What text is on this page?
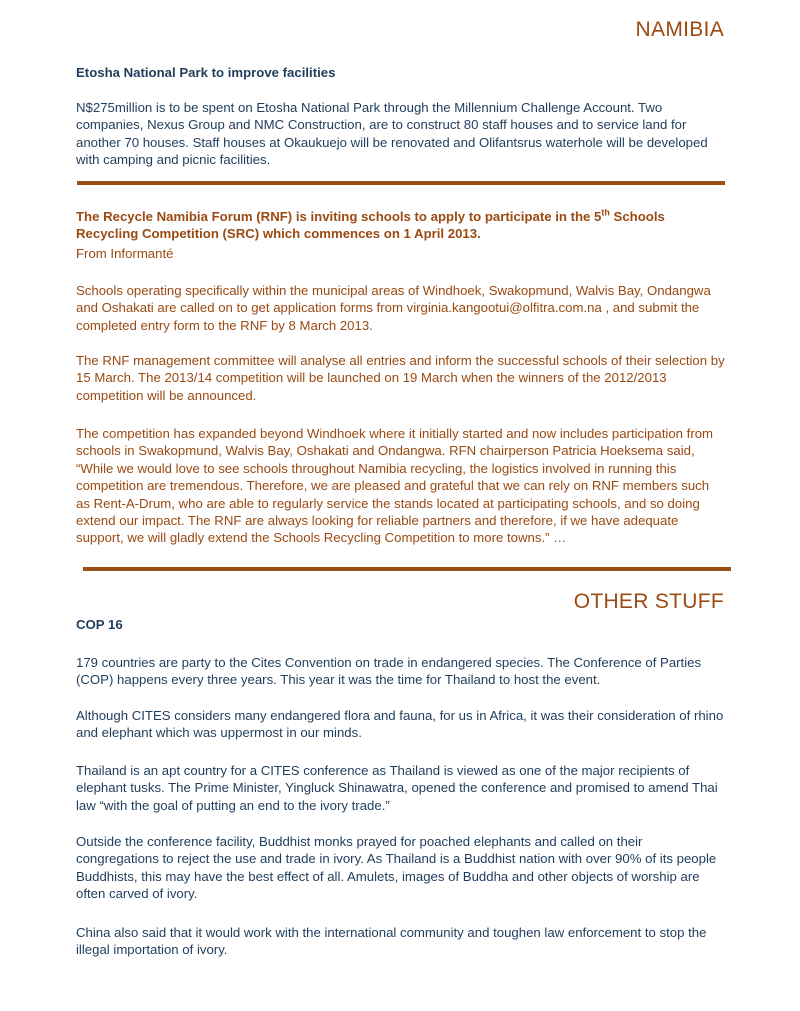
NAMIBIA

Etosha National Park to improve facilities

N$275million is to be spent on Etosha National Park through the Millennium Challenge Account. Two companies, Nexus Group and NMC Construction, are to construct 80 staff houses and to service land for another 70 houses. Staff houses at Okaukuejo will be renovated and Olifantsrus waterhole will be developed with camping and picnic facilities.

The Recycle Namibia Forum (RNF) is inviting schools to apply to participate in the 5th Schools Recycling Competition (SRC) which commences on 1 April 2013.

From Informanté

Schools operating specifically within the municipal areas of Windhoek, Swakopmund, Walvis Bay, Ondangwa and Oshakati are called on to get application forms from virginia.kangootui@olfitra.com.na , and submit the completed entry form to the RNF by 8 March 2013.

The RNF management committee will analyse all entries and inform the successful schools of their selection by 15 March. The 2013/14 competition will be launched on 19 March when the winners of the 2012/2013 competition will be announced.

The competition has expanded beyond Windhoek where it initially started and now includes participation from schools in Swakopmund, Walvis Bay, Oshakati and Ondangwa. RFN chairperson Patricia Hoeksema said, “While we would love to see schools throughout Namibia recycling, the logistics involved in running this competition are tremendous. Therefore, we are pleased and grateful that we can rely on RNF members such as Rent-A-Drum, who are able to regularly service the stands located at participating schools, and so doing extend our impact. The RNF are always looking for reliable partners and therefore, if we have adequate support, we will gladly extend the Schools Recycling Competition to more towns.” …

OTHER STUFF

COP 16

179 countries are party to the Cites Convention on trade in endangered species. The Conference of Parties (COP) happens every three years. This year it was the time for Thailand to host the event.

Although CITES considers many endangered flora and fauna, for us in Africa, it was their consideration of rhino and elephant which was uppermost in our minds.

Thailand is an apt country for a CITES conference as Thailand is viewed as one of the major recipients of elephant tusks. The Prime Minister, Yingluck Shinawatra, opened the conference and promised to amend Thai law “with the goal of putting an end to the ivory trade.”

Outside the conference facility, Buddhist monks prayed for poached elephants and called on their congregations to reject the use and trade in ivory. As Thailand is a Buddhist nation with over 90% of its people Buddhists, this may have the best effect of all. Amulets, images of Buddha and other objects of worship are often carved of ivory.

China also said that it would work with the international community and toughen law enforcement to stop the illegal importation of ivory.
